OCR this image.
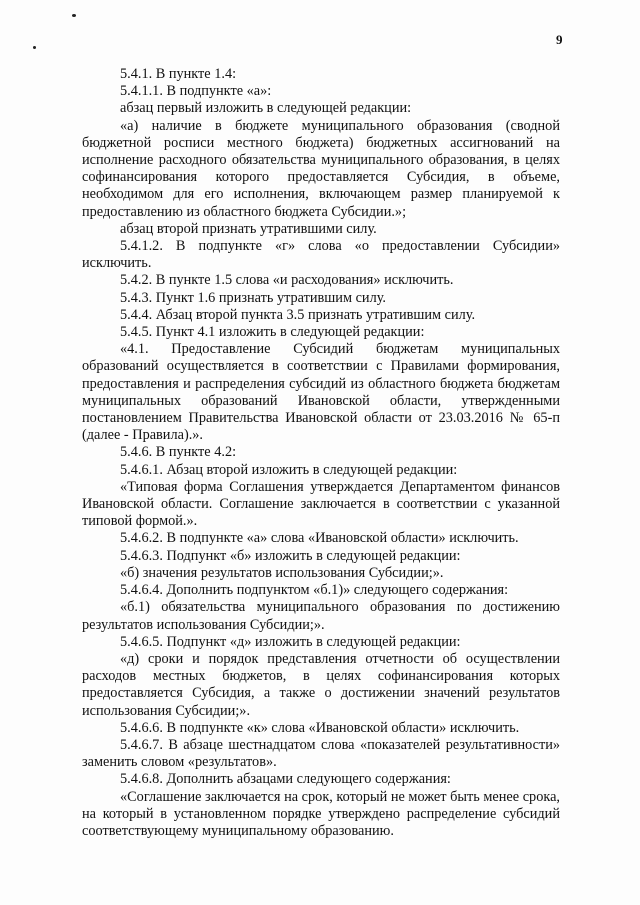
9

5.4.1. В пункте 1.4:

5.4.1.1. В подпункте «а»:

абзац первый изложить в следующей редакции:

«а) наличие в бюджете муниципального образования (сводной бюджетной росписи местного бюджета) бюджетных ассигнований на исполнение расходного обязательства муниципального образования, в целях софинансирования которого предоставляется Субсидия, в объеме, необходимом для его исполнения, включающем размер планируемой к предоставлению из областного бюджета Субсидии.»;

абзац второй признать утратившими силу.

5.4.1.2. В подпункте «г» слова «о предоставлении Субсидии» исключить.

5.4.2. В пункте 1.5 слова «и расходования» исключить.

5.4.3. Пункт 1.6 признать утратившим силу.

5.4.4. Абзац второй пункта 3.5 признать утратившим силу.

5.4.5. Пункт 4.1 изложить в следующей редакции:

«4.1. Предоставление Субсидий бюджетам муниципальных образований осуществляется в соответствии с Правилами формирования, предоставления и распределения субсидий из областного бюджета бюджетам муниципальных образований Ивановской области, утвержденными постановлением Правительства Ивановской области от 23.03.2016 № 65-п (далее - Правила).».

5.4.6. В пункте 4.2:

5.4.6.1. Абзац второй изложить в следующей редакции:

«Типовая форма Соглашения утверждается Департаментом финансов Ивановской области. Соглашение заключается в соответствии с указанной типовой формой.».

5.4.6.2. В подпункте «а» слова «Ивановской области» исключить.

5.4.6.3. Подпункт «б» изложить в следующей редакции:

«б) значения результатов использования Субсидии;».

5.4.6.4. Дополнить подпунктом «б.1)» следующего содержания:

«б.1) обязательства муниципального образования по достижению результатов использования Субсидии;».

5.4.6.5. Подпункт «д» изложить в следующей редакции:

«д) сроки и порядок представления отчетности об осуществлении расходов местных бюджетов, в целях софинансирования которых предоставляется Субсидия, а также о достижении значений результатов использования Субсидии;».

5.4.6.6. В подпункте «к» слова «Ивановской области» исключить.

5.4.6.7. В абзаце шестнадцатом слова «показателей результативности» заменить словом «результатов».

5.4.6.8. Дополнить абзацами следующего содержания:

«Соглашение заключается на срок, который не может быть менее срока, на который в установленном порядке утверждено распределение субсидий соответствующему муниципальному образованию.
